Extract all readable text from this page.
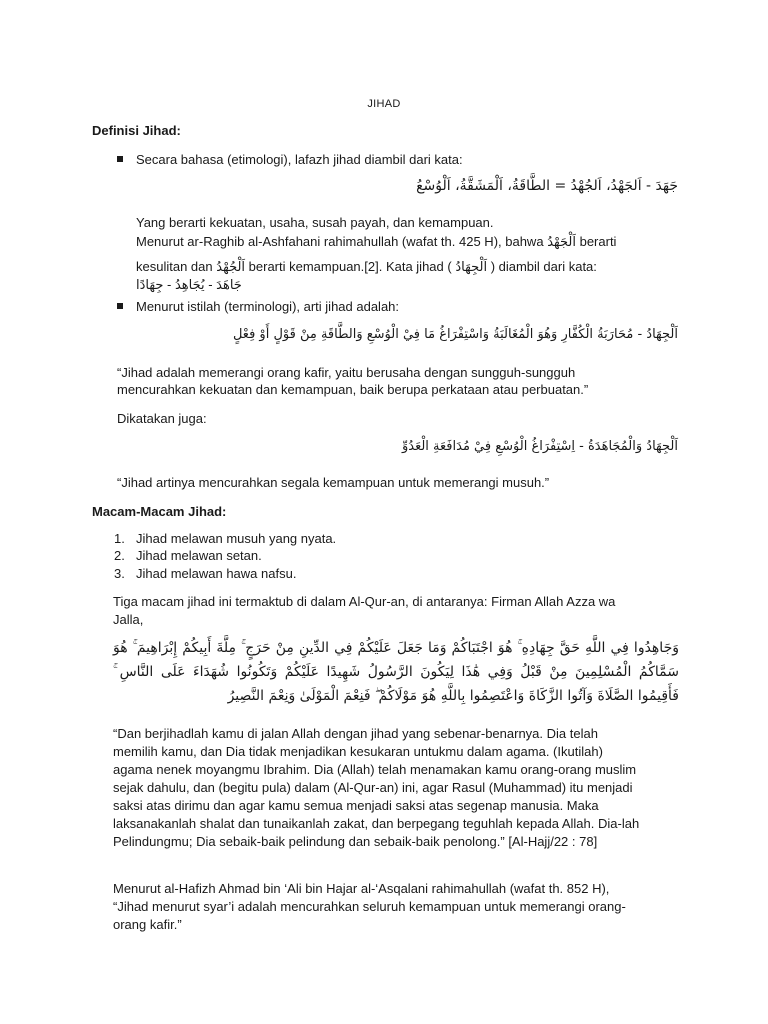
JIHAD
Definisi Jihad:
Secara bahasa (etimologi), lafazh jihad diambil dari kata:
جَهَدَ - اَلجَهْدُ، اَلجُهْدُ = الطَّاقَةُ، اَلْمَشَقَّةُ، اَلْوُسْعُ
Yang berarti kekuatan, usaha, susah payah, dan kemampuan.
Menurut ar-Raghib al-Ashfahani rahimahullah (wafat th. 425 H), bahwa اَلْجَهْدُ berarti
kesulitan dan اَلْجُهْدُ berarti kemampuan.[2]. Kata jihad ( اَلْجِهَادُ ) diambil dari kata:
جَاهَدَ - يُجَاهِدُ - جِهَادًا
Menurut istilah (terminologi), arti jihad adalah:
اَلْجِهَادُ - مُحَارَبَةُ الْكُفَّارِ وَهُوَ الْمُغَالَبَةُ وَاسْتِفْرَاغُ مَا فِيْ الْوُسْعِ وَالطَّاقَةِ مِنْ قَوْلٍ أَوْ فِعْلٍ
“Jihad adalah memerangi orang kafir, yaitu berusaha dengan sungguh-sungguh
mencurahkan kekuatan dan kemampuan, baik berupa perkataan atau perbuatan.”
Dikatakan juga:
اَلْجِهَادُ وَالْمُجَاهَدَةُ - اِسْتِفْرَاغُ الْوُسْعِ فِيْ مُدَافَعَةِ الْعَدُوِّ
“Jihad artinya mencurahkan segala kemampuan untuk memerangi musuh.”
Macam-Macam Jihad:
1. Jihad melawan musuh yang nyata.
2. Jihad melawan setan.
3. Jihad melawan hawa nafsu.
Tiga macam jihad ini termaktub di dalam Al-Qur-an, di antaranya: Firman Allah Azza wa
Jalla,
وَجَاهِدُوا فِي اللَّهِ حَقَّ جِهَادِهِ ۚ هُوَ اجْتَبَاكُمْ وَمَا جَعَلَ عَلَيْكُمْ فِي الدِّينِ مِنْ حَرَجٍ ۚ مِلَّةَ أَبِيكُمْ إِبْرَاهِيمَ ۚ هُوَ سَمَّاكُمُ الْمُسْلِمِينَ مِنْ قَبْلُ وَفِي هَٰذَا لِيَكُونَ الرَّسُولُ شَهِيدًا عَلَيْكُمْ وَتَكُونُوا شُهَدَاءَ عَلَى النَّاسِ ۚ فَأَقِيمُوا الصَّلَاةَ وَآتُوا الزَّكَاةَ وَاعْتَصِمُوا بِاللَّهِ هُوَ مَوْلَاكُمْ ۖ فَنِعْمَ الْمَوْلَىٰ وَنِعْمَ النَّصِيرُ
“Dan berjihadlah kamu di jalan Allah dengan jihad yang sebenar-benarnya. Dia telah
memilih kamu, dan Dia tidak menjadikan kesukaran untukmu dalam agama. (Ikutilah)
agama nenek moyangmu Ibrahim. Dia (Allah) telah menamakan kamu orang-orang muslim
sejak dahulu, dan (begitu pula) dalam (Al-Qur-an) ini, agar Rasul (Muhammad) itu menjadi
saksi atas dirimu dan agar kamu semua menjadi saksi atas segenap manusia. Maka
laksanakanlah shalat dan tunaikanlah zakat, dan berpegang teguhlah kepada Allah. Dia-lah
Pelindungmu; Dia sebaik-baik pelindung dan sebaik-baik penolong.” [Al-Hajj/22 : 78]
Menurut al-Hafizh Ahmad bin ‘Ali bin Hajar al-‘Asqalani rahimahullah (wafat th. 852 H),
“Jihad menurut syar’i adalah mencurahkan seluruh kemampuan untuk memerangi orang-
orang kafir.”
